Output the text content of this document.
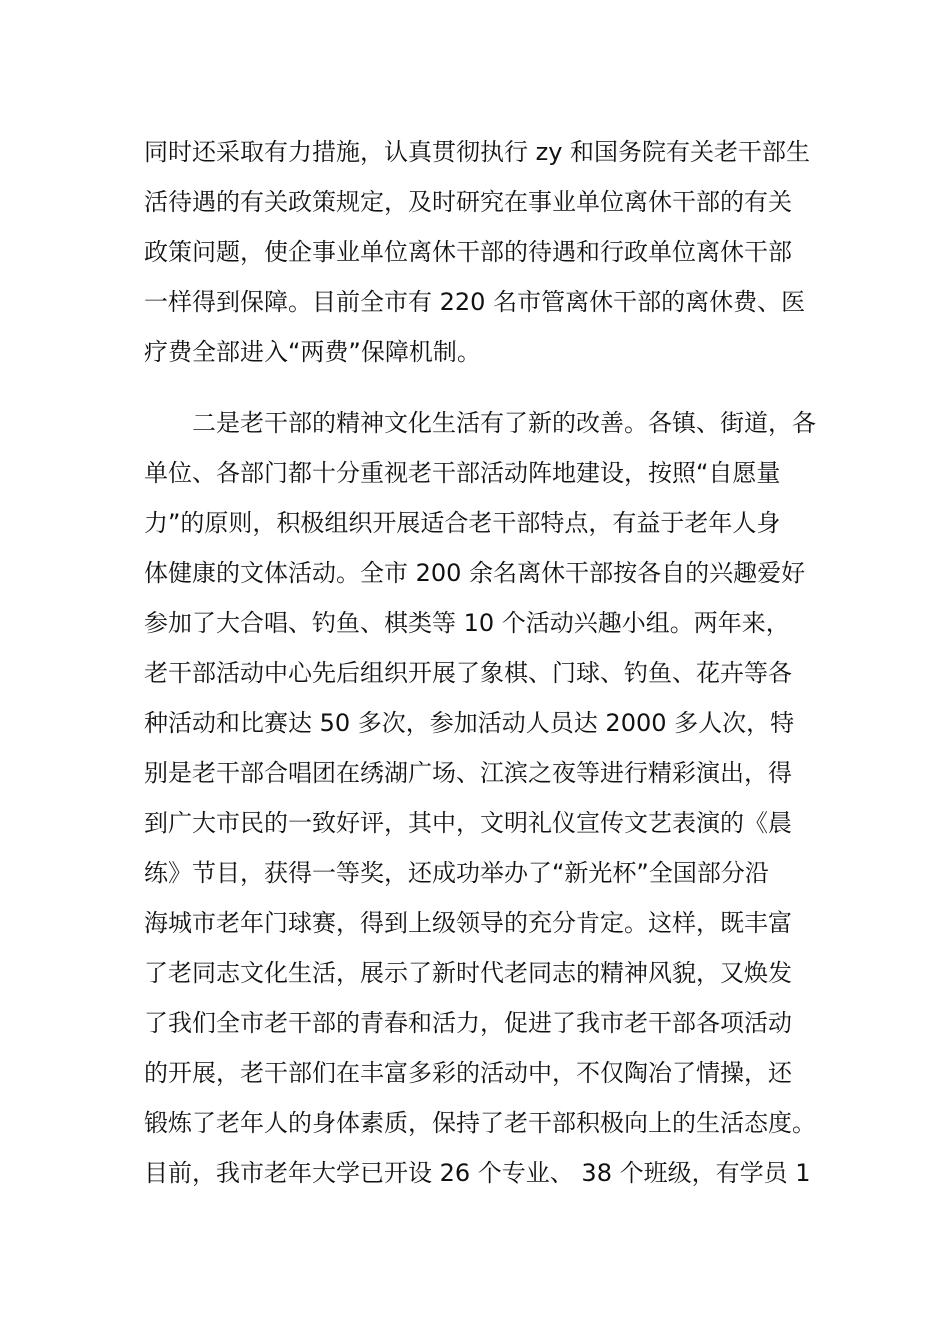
同时还采取有力措施，认真贯彻执行 zy 和国务院有关老干部生
活待遇的有关政策规定，及时研究在事业单位离休干部的有关
政策问题，使企事业单位离休干部的待遇和行政单位离休干部
一样得到保障。目前全市有 220 名市管离休干部的离休费、医
疗费全部进入“两费”保障机制。
二是老干部的精神文化生活有了新的改善。各镇、街道，各
单位、各部门都十分重视老干部活动阵地建设，按照“自愿量
力”的原则，积极组织开展适合老干部特点，有益于老年人身
体健康的文体活动。全市 200 余名离休干部按各自的兴趣爱好
参加了大合唱、钓鱼、棋类等 10 个活动兴趣小组。两年来，
老干部活动中心先后组织开展了象棋、门球、钓鱼、花卉等各
种活动和比赛达 50 多次，参加活动人员达 2000 多人次，特
别是老干部合唱团在绣湖广场、江滨之夜等进行精彩演出，得
到广大市民的一致好评，其中，文明礼仪宣传文艺表演的《晨
练》节目，获得一等奖，还成功举办了“新光杯”全国部分沿
海城市老年门球赛，得到上级领导的充分肯定。这样，既丰富
了老同志文化生活，展示了新时代老同志的精神风貌，又焕发
了我们全市老干部的青春和活力，促进了我市老干部各项活动
的开展，老干部们在丰富多彩的活动中，不仅陶冶了情操，还
锻炼了老年人的身体素质，保持了老干部积极向上的生活态度。
目前，我市老年大学已开设 26 个专业、 38 个班级，有学员 1
